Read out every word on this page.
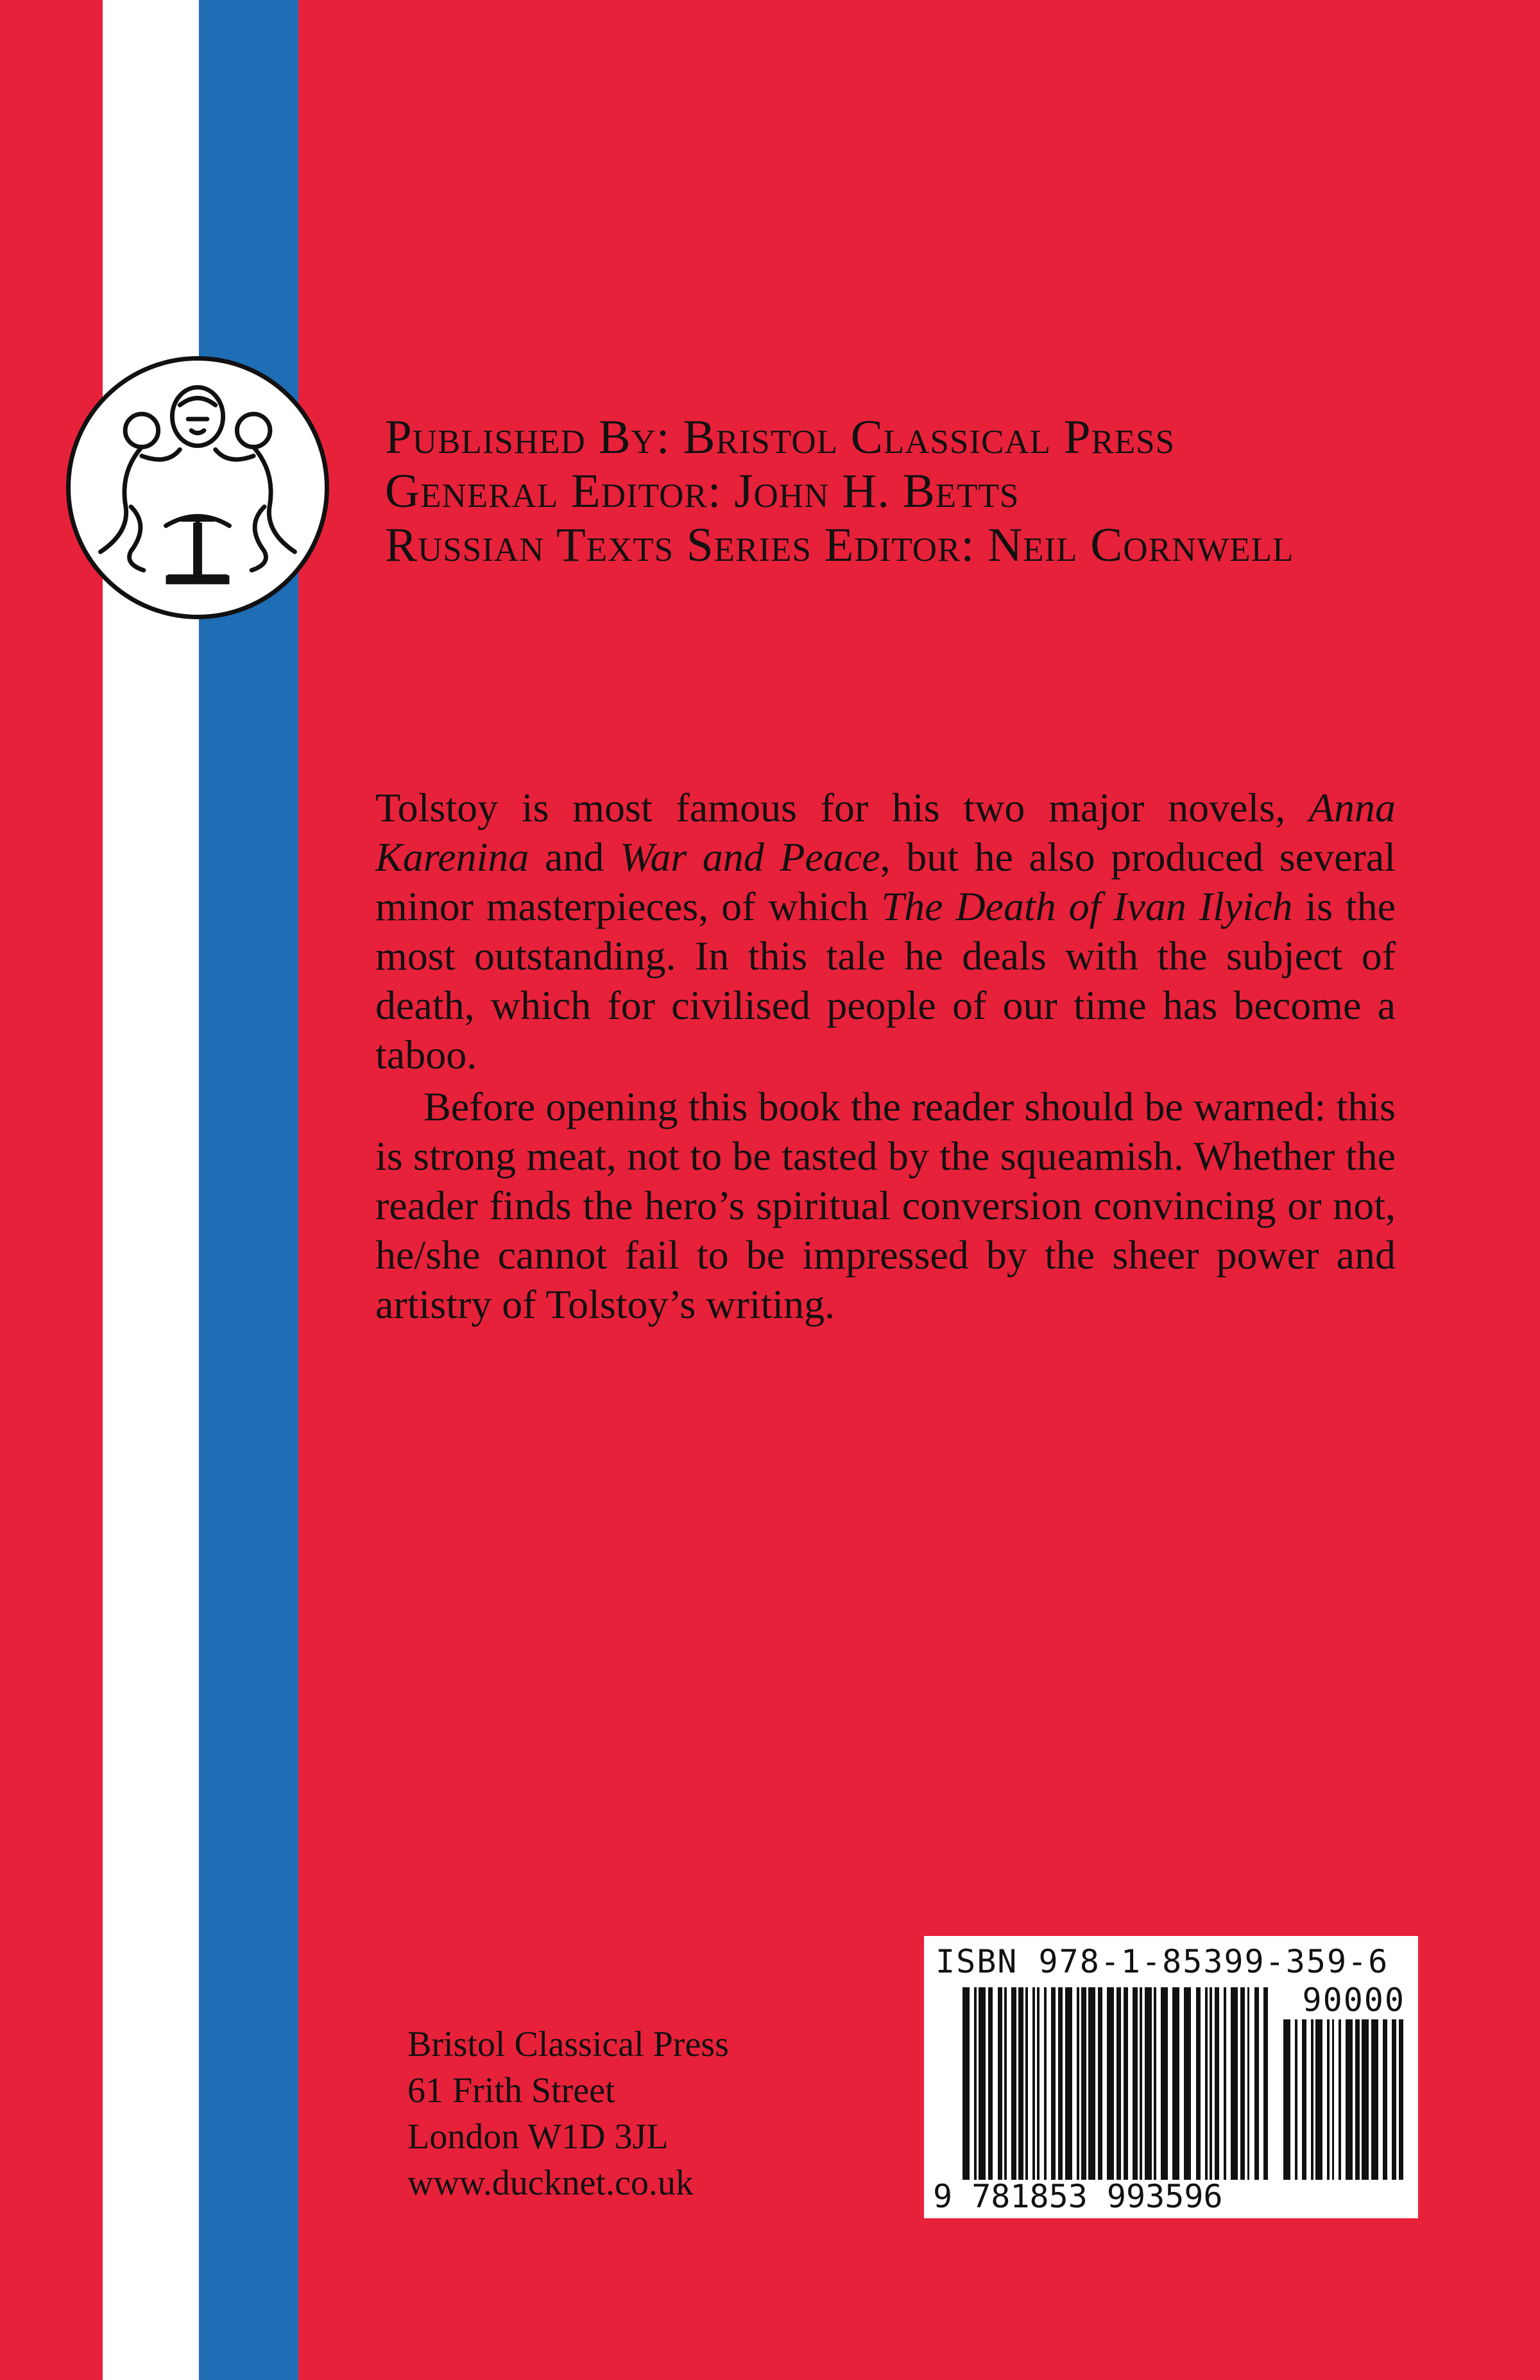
Published By: Bristol Classical Press
General Editor: John H. Betts
Russian Texts Series Editor: Neil Cornwell

Tolstoy is most famous for his two major novels, Anna Karenina and War and Peace, but he also produced several minor masterpieces, of which The Death of Ivan Ilyich is the most outstanding. In this tale he deals with the subject of death, which for civilised people of our time has become a taboo.

Before opening this book the reader should be warned: this is strong meat, not to be tasted by the squeamish. Whether the reader finds the hero’s spiritual conversion convincing or not, he/she cannot fail to be impressed by the sheer power and artistry of Tolstoy’s writing.

Bristol Classical Press
61 Frith Street
London W1D 3JL
www.ducknet.co.uk
ISBN 978-1-85399-359-6
90000
9 781853 993596
